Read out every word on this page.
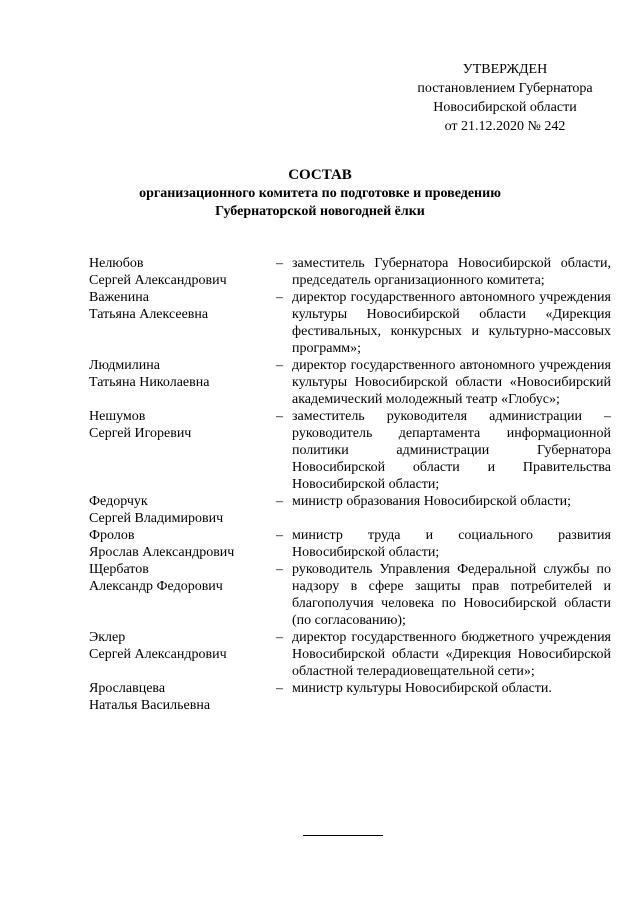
УТВЕРЖДЕН
постановлением Губернатора
Новосибирской области
от 21.12.2020 № 242
СОСТАВ
организационного комитета по подготовке и проведению
Губернаторской новогодней ёлки
Нелюбов
Сергей Александрович
– заместитель Губернатора Новосибирской области, председатель организационного комитета;
Важенина
Татьяна Алексеевна
– директор государственного автономного учреждения культуры Новосибирской области «Дирекция фестивальных, конкурсных и культурно-массовых программ»;
Людмилина
Татьяна Николаевна
– директор государственного автономного учреждения культуры Новосибирской области «Новосибирский академический молодежный театр «Глобус»;
Нешумов
Сергей Игоревич
– заместитель руководителя администрации – руководитель департамента информационной политики администрации Губернатора Новосибирской области и Правительства Новосибирской области;
Федорчук
Сергей Владимирович
– министр образования Новосибирской области;
Фролов
Ярослав Александрович
– министр труда и социального развития Новосибирской области;
Щербатов
Александр Федорович
– руководитель Управления Федеральной службы по надзору в сфере защиты прав потребителей и благополучия человека по Новосибирской области (по согласованию);
Эклер
Сергей Александрович
– директор государственного бюджетного учреждения Новосибирской области «Дирекция Новосибирской областной телерадиовещательной сети»;
Ярославцева
Наталья Васильевна
– министр культуры Новосибирской области.
